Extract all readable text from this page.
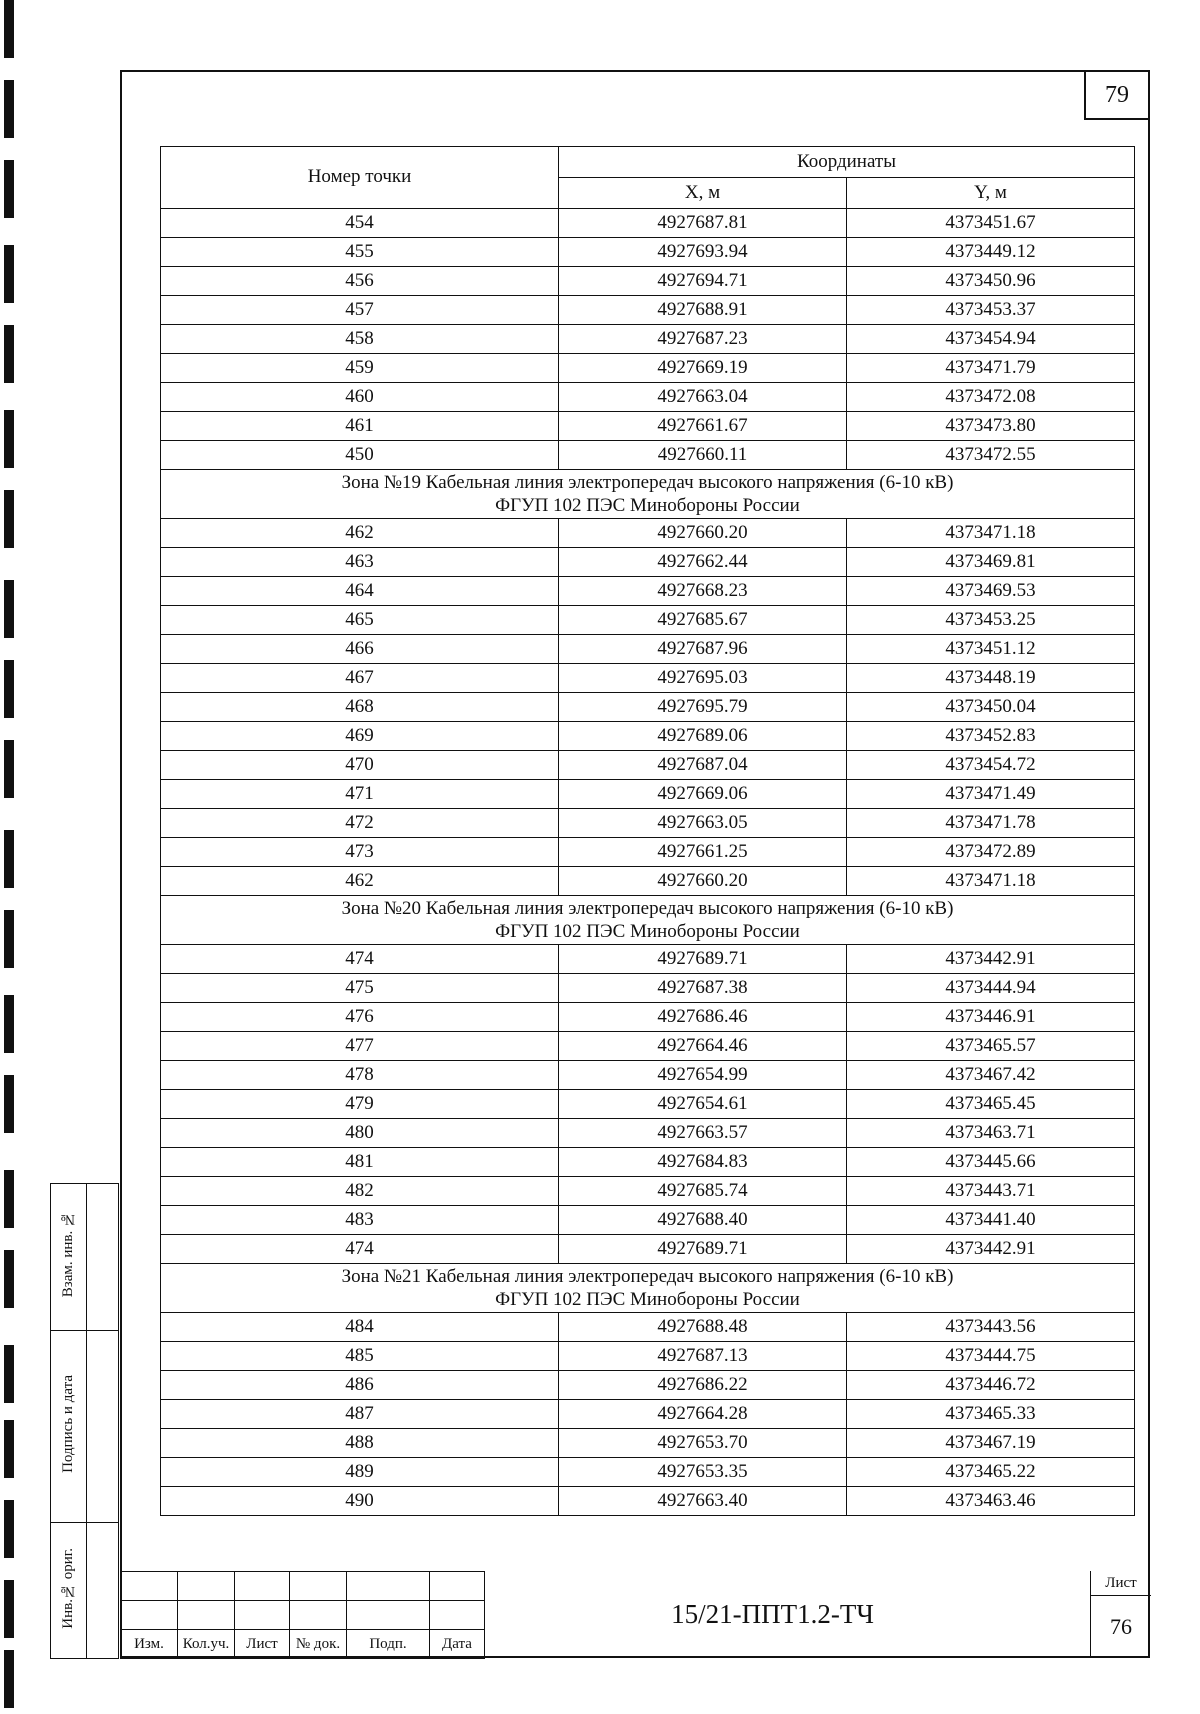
79
Номер точки	Координаты	
	X, м	Y, м
454	4927687.81	4373451.67
455	4927693.94	4373449.12
456	4927694.71	4373450.96
457	4927688.91	4373453.37
458	4927687.23	4373454.94
459	4927669.19	4373471.79
460	4927663.04	4373472.08
461	4927661.67	4373473.80
450	4927660.11	4373472.55

Зона №19 Кабельная линия электропередач высокого напряжения (6-10 кВ)
ФГУП 102 ПЭС Минобороны России		

462	4927660.20	4373471.18
463	4927662.44	4373469.81
464	4927668.23	4373469.53
465	4927685.67	4373453.25
466	4927687.96	4373451.12
467	4927695.03	4373448.19
468	4927695.79	4373450.04
469	4927689.06	4373452.83
470	4927687.04	4373454.72
471	4927669.06	4373471.49
472	4927663.05	4373471.78
473	4927661.25	4373472.89
462	4927660.20	4373471.18

Зона №20 Кабельная линия электропередач высокого напряжения (6-10 кВ)
ФГУП 102 ПЭС Минобороны России		

474	4927689.71	4373442.91
475	4927687.38	4373444.94
476	4927686.46	4373446.91
477	4927664.46	4373465.57
478	4927654.99	4373467.42
479	4927654.61	4373465.45
480	4927663.57	4373463.71
481	4927684.83	4373445.66
482	4927685.74	4373443.71
483	4927688.40	4373441.40
474	4927689.71	4373442.91

Зона №21 Кабельная линия электропередач высокого напряжения (6-10 кВ)
ФГУП 102 ПЭС Минобороны России		

484	4927688.48	4373443.56
485	4927687.13	4373444.75
486	4927686.22	4373446.72
487	4927664.28	4373465.33
488	4927653.70	4373467.19
489	4927653.35	4373465.22
490	4927663.40	4373463.46
Взам. инв. №	
Подпись и дата	
Инв.№ ориг.	

Изм.	Кол.уч.	Лист	№ док.	Подп.	Дата
15/21-ППТ1.2-ТЧ
Лист
76
